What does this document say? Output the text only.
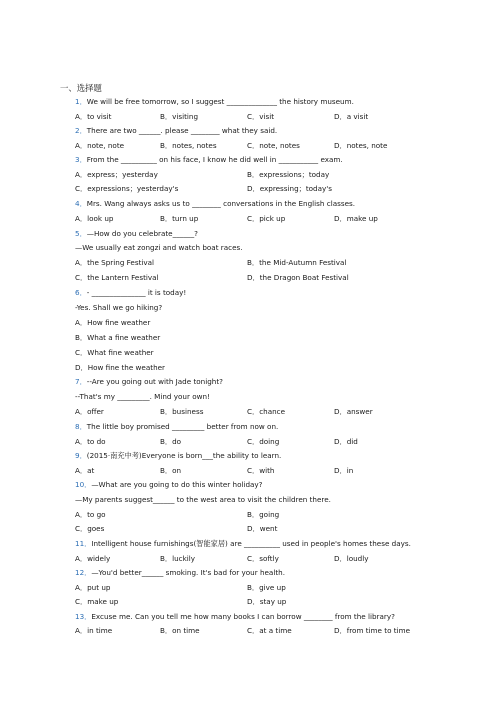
一、选择题
1．We will be free tomorrow, so I suggest ______________ the history museum.
A．to visit	B．visiting	C．visit	D．a visit
2．There are two ______. please ________ what they said.
A．note, note	B．notes, notes	C．note, notes	D．notes, note
3．From the __________ on his face, I know he did well in ___________ exam.
A．express；yesterday	B．expressions；today
C．expressions；yesterday's	D．expressing；today's
4．Mrs. Wang always asks us to ________ conversations in the English classes.
A．look up	B．turn up	C．pick up	D．make up
5．—How do you celebrate______?
—We usually eat zongzi and watch boat races.
A．the Spring Festival	B．the Mid-Autumn Festival
C．the Lantern Festival	D．the Dragon Boat Festival
6．- _______________ it is today!
-Yes. Shall we go hiking?
A．How fine weather
B．What a fine weather
C．What fine weather
D．How fine the weather
7．--Are you going out with Jade tonight?
--That's my _________. Mind your own!
A．offer	B．business	C．chance	D．answer
8．The little boy promised _________ better from now on.
A．to do	B．do	C．doing	D．did
9．(2015·南充中考)Everyone is born___the ability to learn.
A．at	B．on	C．with	D．in
10．—What are you going to do this winter holiday?
—My parents suggest______ to the west area to visit the children there.
A．to go	B．going
C．goes	D．went
11．Intelligent house furnishings(智能家居) are __________ used in people's homes these days.
A．widely	B．luckily	C．softly	D．loudly
12．—You'd better______ smoking. It's bad for your health.
A．put up	B．give up
C．make up	D．stay up
13．Excuse me. Can you tell me how many books I can borrow ________ from the library?
A．in time	B．on time	C．at a time	D．from time to time
